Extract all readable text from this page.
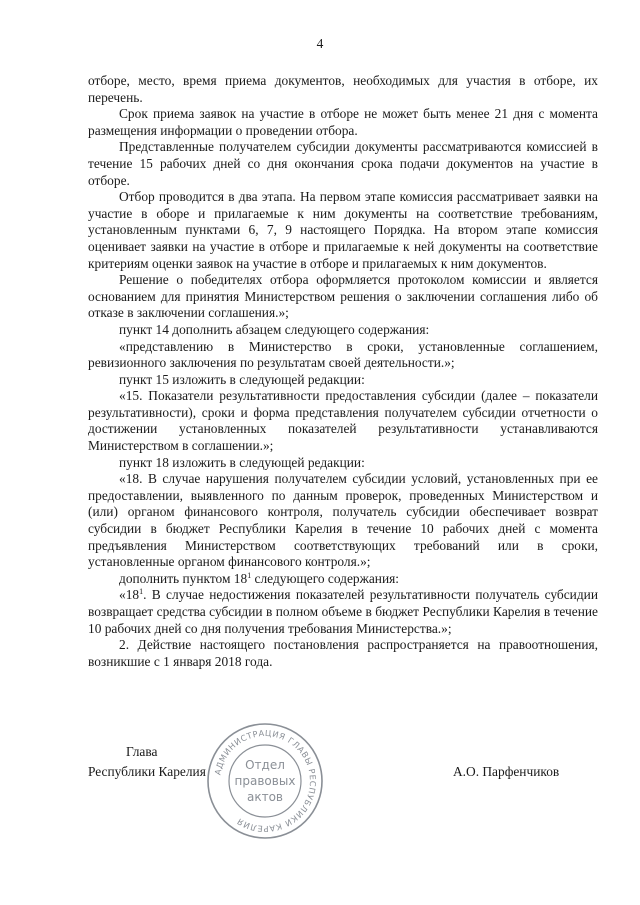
4

отборе, место, время приема документов, необходимых для участия в отборе, их перечень.

Срок приема заявок на участие в отборе не может быть менее 21 дня с момента размещения информации о проведении отбора.

Представленные получателем субсидии документы рассматриваются комиссией в течение 15 рабочих дней со дня окончания срока подачи документов на участие в отборе.

Отбор проводится в два этапа. На первом этапе комиссия рассматривает заявки на участие в оборе и прилагаемые к ним документы на соответствие требованиям, установленным пунктами 6, 7, 9 настоящего Порядка. На втором этапе комиссия оценивает заявки на участие в отборе и прилагаемые к ней документы на соответствие критериям оценки заявок на участие в отборе и прилагаемых к ним документов.

Решение о победителях отбора оформляется протоколом комиссии и является основанием для принятия Министерством решения о заключении соглашения либо об отказе в заключении соглашения.»;

пункт 14 дополнить абзацем следующего содержания:

«представлению в Министерство в сроки, установленные соглашением, ревизионного заключения по результатам своей деятельности.»;

пункт 15 изложить в следующей редакции:

«15. Показатели результативности предоставления субсидии (далее – показатели результативности), сроки и форма представления получателем субсидии отчетности о достижении установленных показателей результативности устанавливаются Министерством в соглашении.»;

пункт 18 изложить в следующей редакции:

«18. В случае нарушения получателем субсидии условий, установленных при ее предоставлении, выявленного по данным проверок, проведенных Министерством и (или) органом финансового контроля, получатель субсидии обеспечивает возврат субсидии в бюджет Республики Карелия в течение 10 рабочих дней с момента предъявления Министерством соответствующих требований или в сроки, установленные органом финансового контроля.»;

дополнить пунктом $18^1$ следующего содержания:

«$18^1$. В случае недостижения показателей результативности получатель субсидии возвращает средства субсидии в полном объеме в бюджет Республики Карелия в течение 10 рабочих дней со дня получения требования Министерства.»;

2. Действие настоящего постановления распространяется на правоотношения, возникшие с 1 января 2018 года.

Глава
Республики Карелия	А.О. Парфенчиков
АДМИНИСТРАЦИЯ ГЛАВЫ РЕСПУБЛИКИ КАРЕЛИЯ
Отдел
правовых
актов
